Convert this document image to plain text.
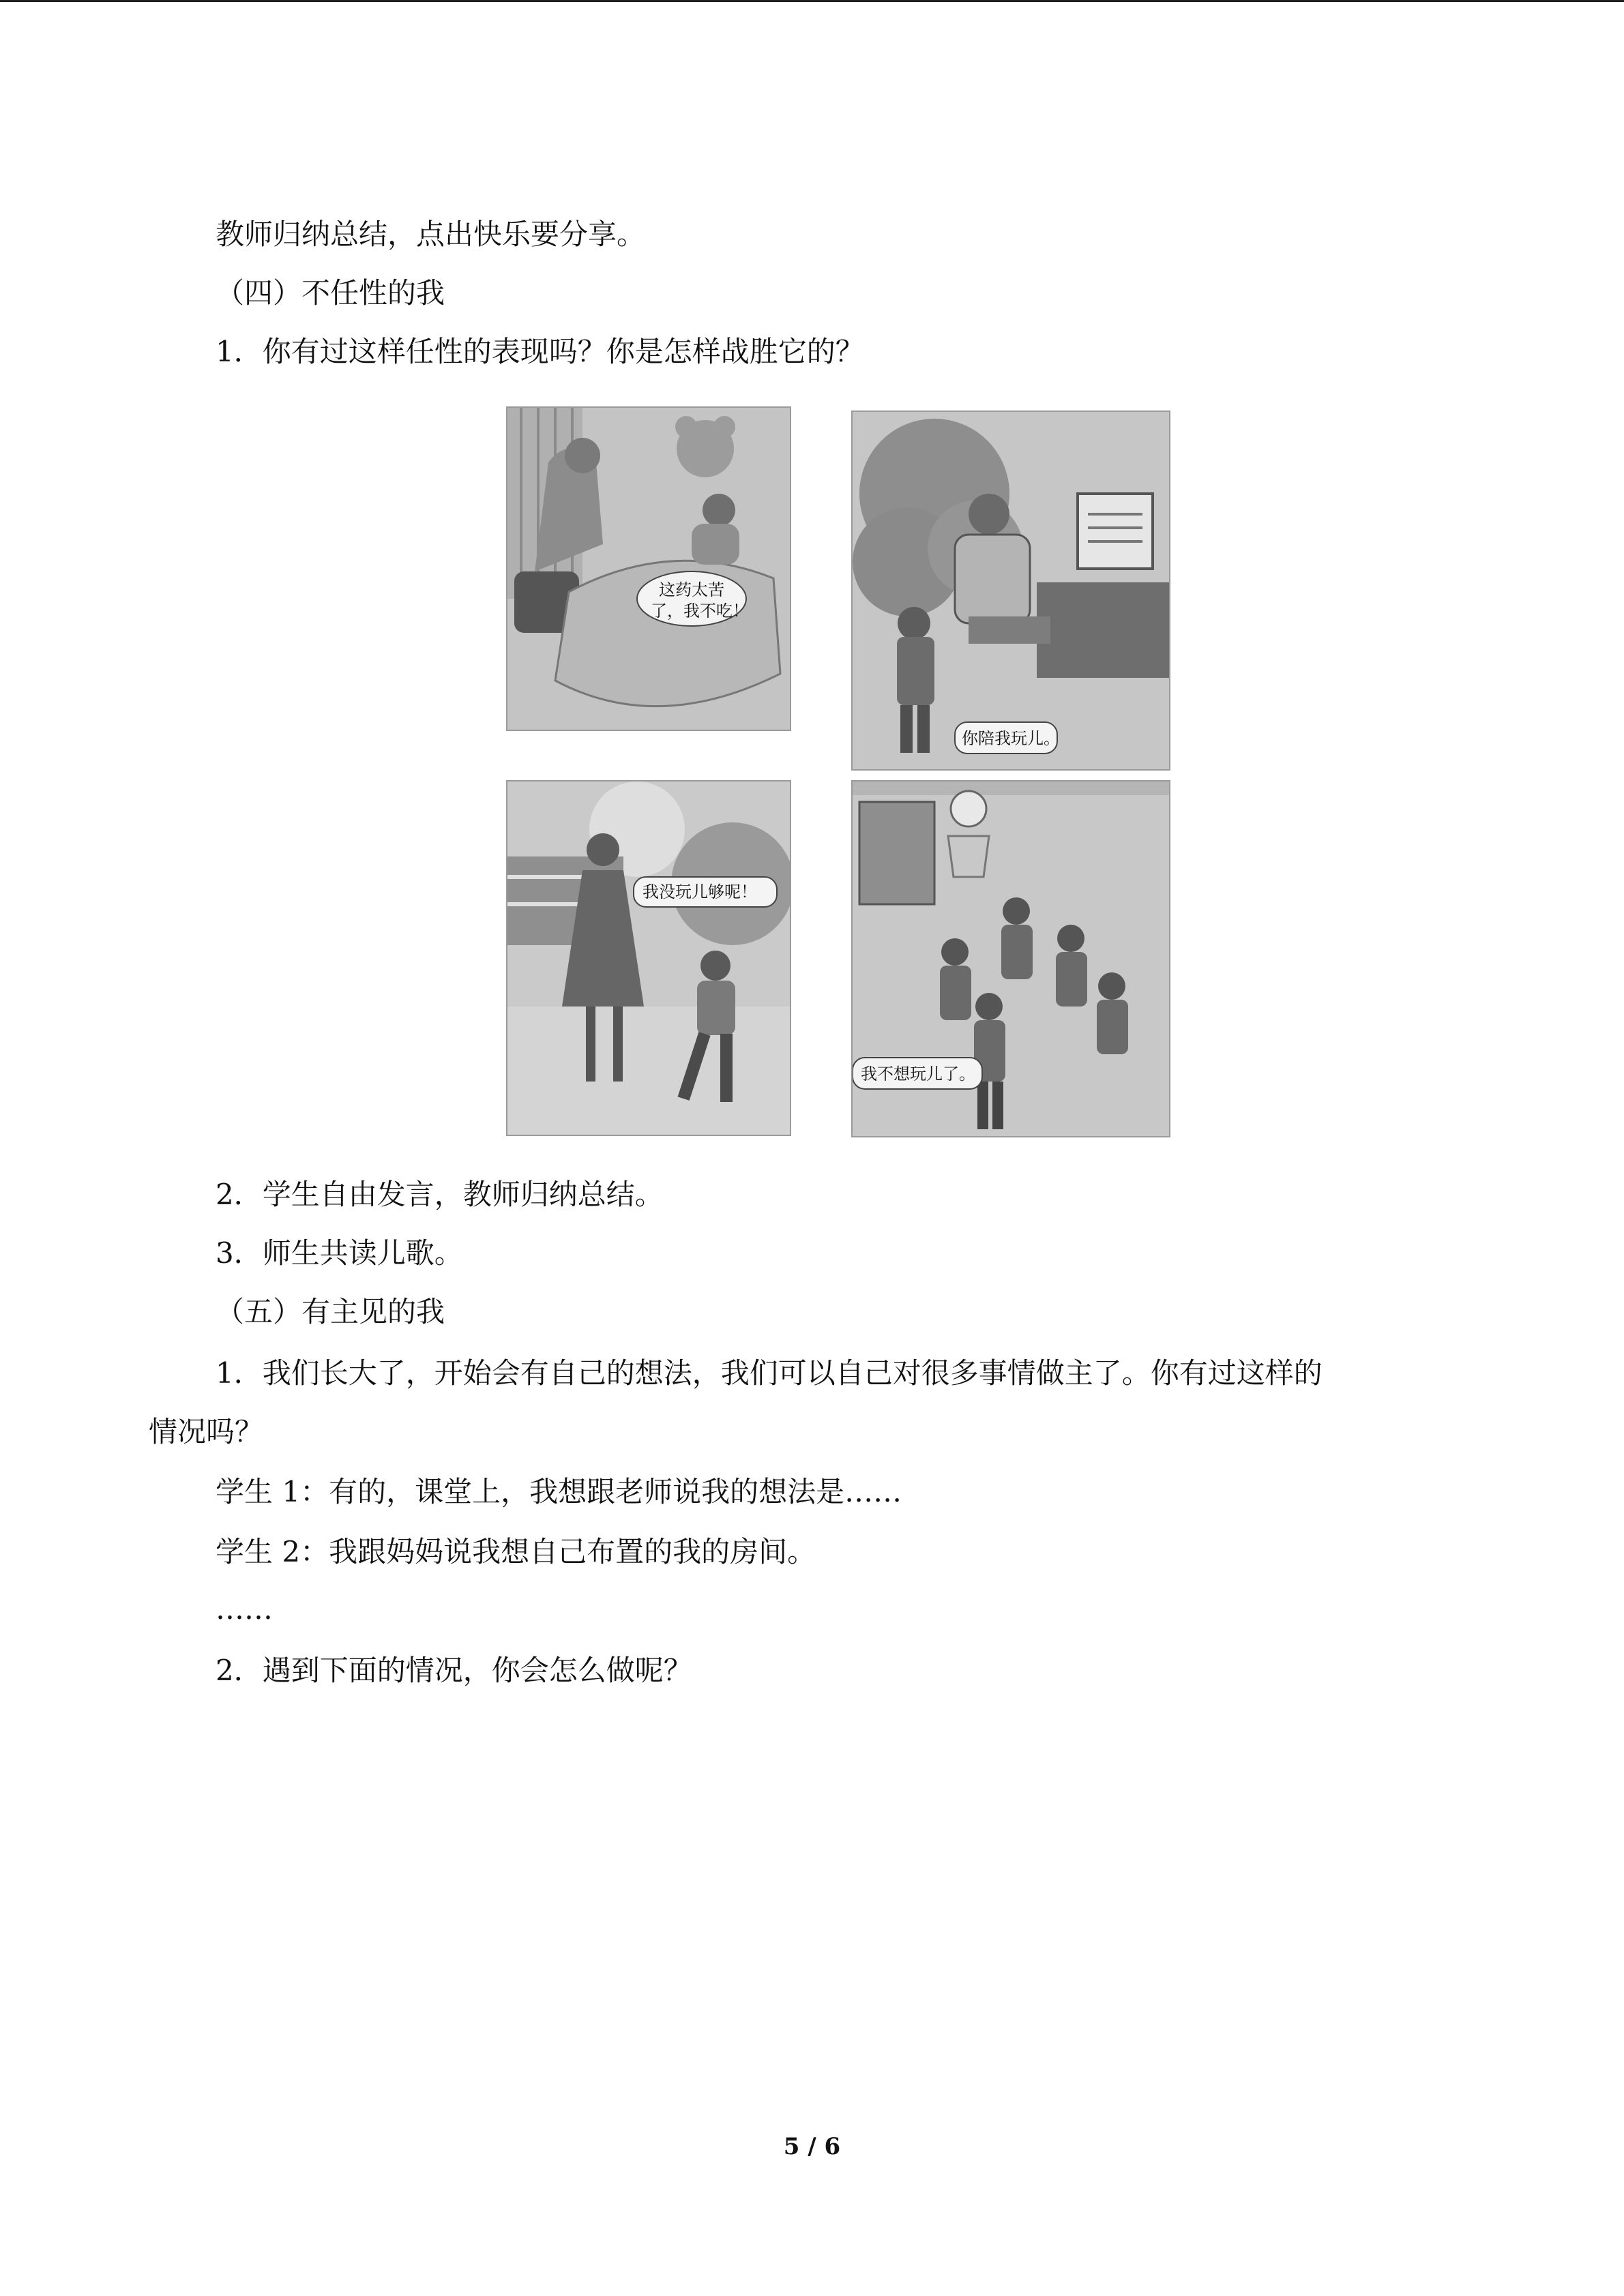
教师归纳总结，点出快乐要分享。
（四）不任性的我
1．你有过这样任性的表现吗？你是怎样战胜它的？
这药太苦
了，我不吃！
你陪我玩儿。
我没玩儿够呢！
我不想玩儿了。
2．学生自由发言，教师归纳总结。
3．师生共读儿歌。
（五）有主见的我
1．我们长大了，开始会有自己的想法，我们可以自己对很多事情做主了。你有过这样的
情况吗？
学生 1：有的，课堂上，我想跟老师说我的想法是……
学生 2：我跟妈妈说我想自己布置的我的房间。
……
2．遇到下面的情况，你会怎么做呢？
5 / 6
